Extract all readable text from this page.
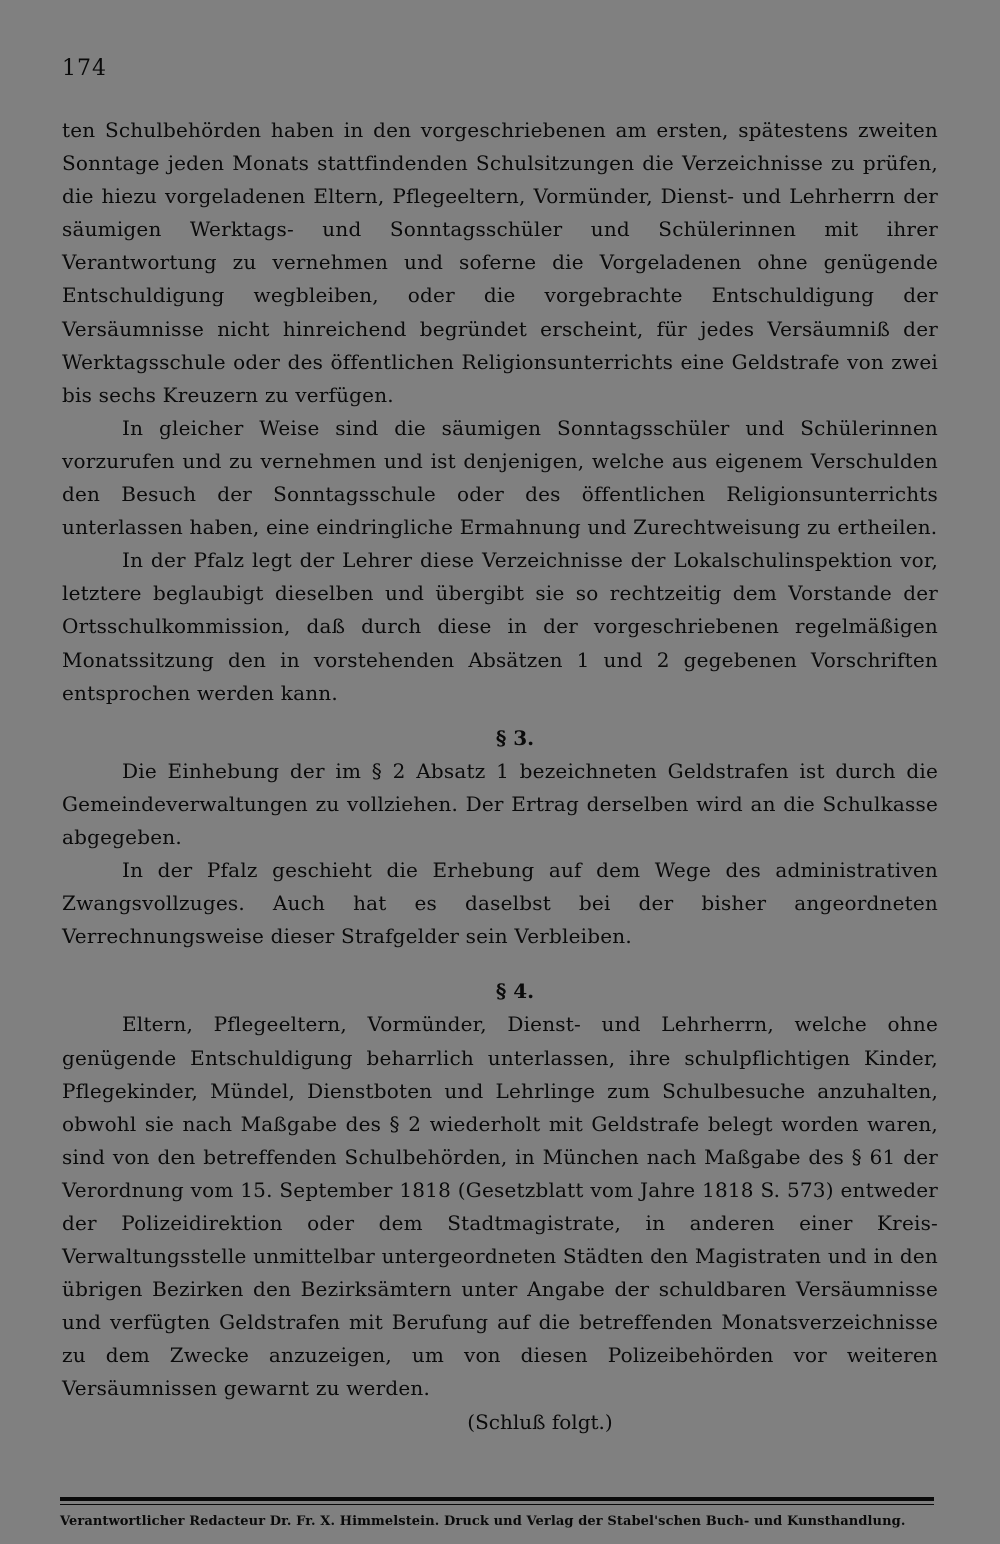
174

ten Schulbehörden haben in den vorgeschriebenen am ersten, spätestens zweiten Sonntage jeden Monats stattfindenden Schulsitzungen die Verzeichnisse zu prüfen, die hiezu vorgeladenen Eltern, Pflegeeltern, Vormünder, Dienst- und Lehrherrn der säumigen Werktags- und Sonntagsschüler und Schülerinnen mit ihrer Verantwortung zu vernehmen und soferne die Vorgeladenen ohne genügende Entschuldigung wegbleiben, oder die vorgebrachte Entschuldigung der Versäumnisse nicht hinreichend begründet erscheint, für jedes Versäumniß der Werktagsschule oder des öffentlichen Religionsunterrichts eine Geldstrafe von zwei bis sechs Kreuzern zu verfügen.

In gleicher Weise sind die säumigen Sonntagsschüler und Schülerinnen vorzurufen und zu vernehmen und ist denjenigen, welche aus eigenem Verschulden den Besuch der Sonntagsschule oder des öffentlichen Religionsunterrichts unterlassen haben, eine eindringliche Ermahnung und Zurechtweisung zu ertheilen.

In der Pfalz legt der Lehrer diese Verzeichnisse der Lokalschulinspektion vor, letztere beglaubigt dieselben und übergibt sie so rechtzeitig dem Vorstande der Ortsschulkommission, daß durch diese in der vorgeschriebenen regelmäßigen Monatssitzung den in vorstehenden Absätzen 1 und 2 gegebenen Vorschriften entsprochen werden kann.

§ 3.

Die Einhebung der im § 2 Absatz 1 bezeichneten Geldstrafen ist durch die Gemeindeverwaltungen zu vollziehen. Der Ertrag derselben wird an die Schulkasse abgegeben.

In der Pfalz geschieht die Erhebung auf dem Wege des administrativen Zwangsvollzuges. Auch hat es daselbst bei der bisher angeordneten Verrechnungsweise dieser Strafgelder sein Verbleiben.

§ 4.

Eltern, Pflegeeltern, Vormünder, Dienst- und Lehrherrn, welche ohne genügende Entschuldigung beharrlich unterlassen, ihre schulpflichtigen Kinder, Pflegekinder, Mündel, Dienstboten und Lehrlinge zum Schulbesuche anzuhalten, obwohl sie nach Maßgabe des § 2 wiederholt mit Geldstrafe belegt worden waren, sind von den betreffenden Schulbehörden, in München nach Maßgabe des § 61 der Verordnung vom 15. September 1818 (Gesetzblatt vom Jahre 1818 S. 573) entweder der Polizeidirektion oder dem Stadtmagistrate, in anderen einer Kreis-Verwaltungsstelle unmittelbar untergeordneten Städten den Magistraten und in den übrigen Bezirken den Bezirksämtern unter Angabe der schuldbaren Versäumnisse und verfügten Geldstrafen mit Berufung auf die betreffenden Monatsverzeichnisse zu dem Zwecke anzuzeigen, um von diesen Polizeibehörden vor weiteren Versäumnissen gewarnt zu werden.

(Schluß folgt.)

Verantwortlicher Redacteur Dr. Fr. X. Himmelstein. Druck und Verlag der Stabel'schen Buch- und Kunsthandlung.
